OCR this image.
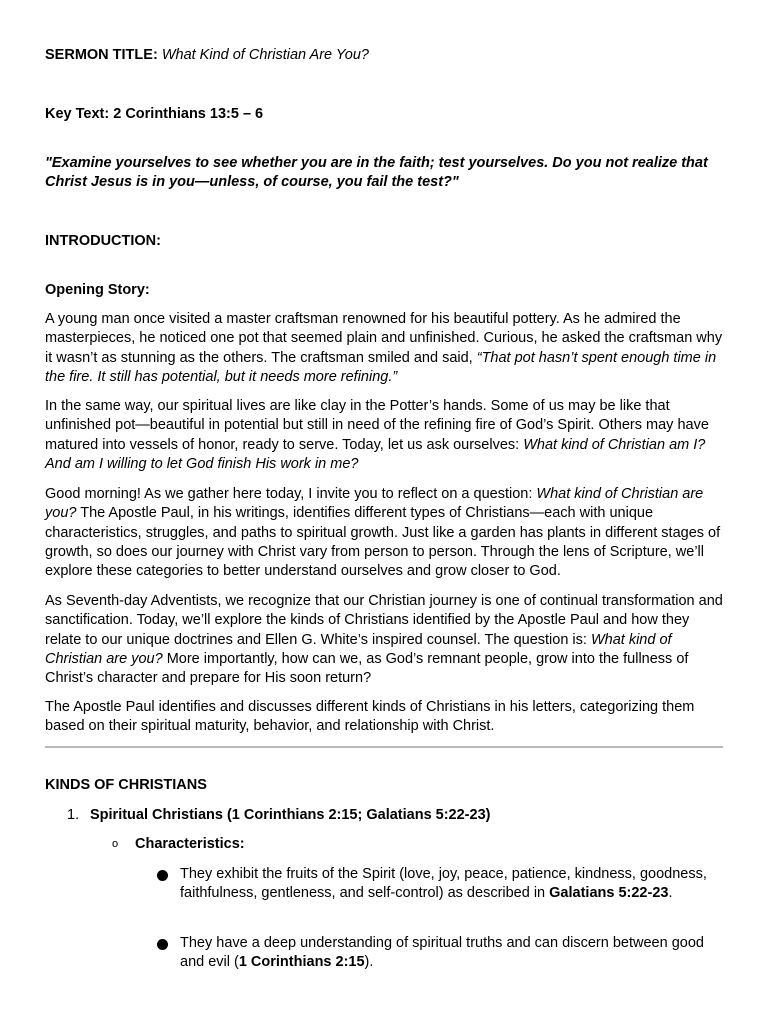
SERMON TITLE: What Kind of Christian Are You?
Key Text: 2 Corinthians 13:5 – 6
"Examine yourselves to see whether you are in the faith; test yourselves. Do you not realize that Christ Jesus is in you—unless, of course, you fail the test?"
INTRODUCTION:
Opening Story:
A young man once visited a master craftsman renowned for his beautiful pottery. As he admired the masterpieces, he noticed one pot that seemed plain and unfinished. Curious, he asked the craftsman why it wasn’t as stunning as the others. The craftsman smiled and said, “That pot hasn’t spent enough time in the fire. It still has potential, but it needs more refining.”
In the same way, our spiritual lives are like clay in the Potter’s hands. Some of us may be like that unfinished pot—beautiful in potential but still in need of the refining fire of God’s Spirit. Others may have matured into vessels of honor, ready to serve. Today, let us ask ourselves: What kind of Christian am I? And am I willing to let God finish His work in me?
Good morning! As we gather here today, I invite you to reflect on a question: What kind of Christian are you? The Apostle Paul, in his writings, identifies different types of Christians—each with unique characteristics, struggles, and paths to spiritual growth. Just like a garden has plants in different stages of growth, so does our journey with Christ vary from person to person. Through the lens of Scripture, we’ll explore these categories to better understand ourselves and grow closer to God.
As Seventh-day Adventists, we recognize that our Christian journey is one of continual transformation and sanctification. Today, we’ll explore the kinds of Christians identified by the Apostle Paul and how they relate to our unique doctrines and Ellen G. White’s inspired counsel. The question is: What kind of Christian are you? More importantly, how can we, as God’s remnant people, grow into the fullness of Christ’s character and prepare for His soon return?
The Apostle Paul identifies and discusses different kinds of Christians in his letters, categorizing them based on their spiritual maturity, behavior, and relationship with Christ.
KINDS OF CHRISTIANS
1. Spiritual Christians (1 Corinthians 2:15; Galatians 5:22-23)
o Characteristics:
They exhibit the fruits of the Spirit (love, joy, peace, patience, kindness, goodness, faithfulness, gentleness, and self-control) as described in Galatians 5:22-23.
They have a deep understanding of spiritual truths and can discern between good and evil (1 Corinthians 2:15).
